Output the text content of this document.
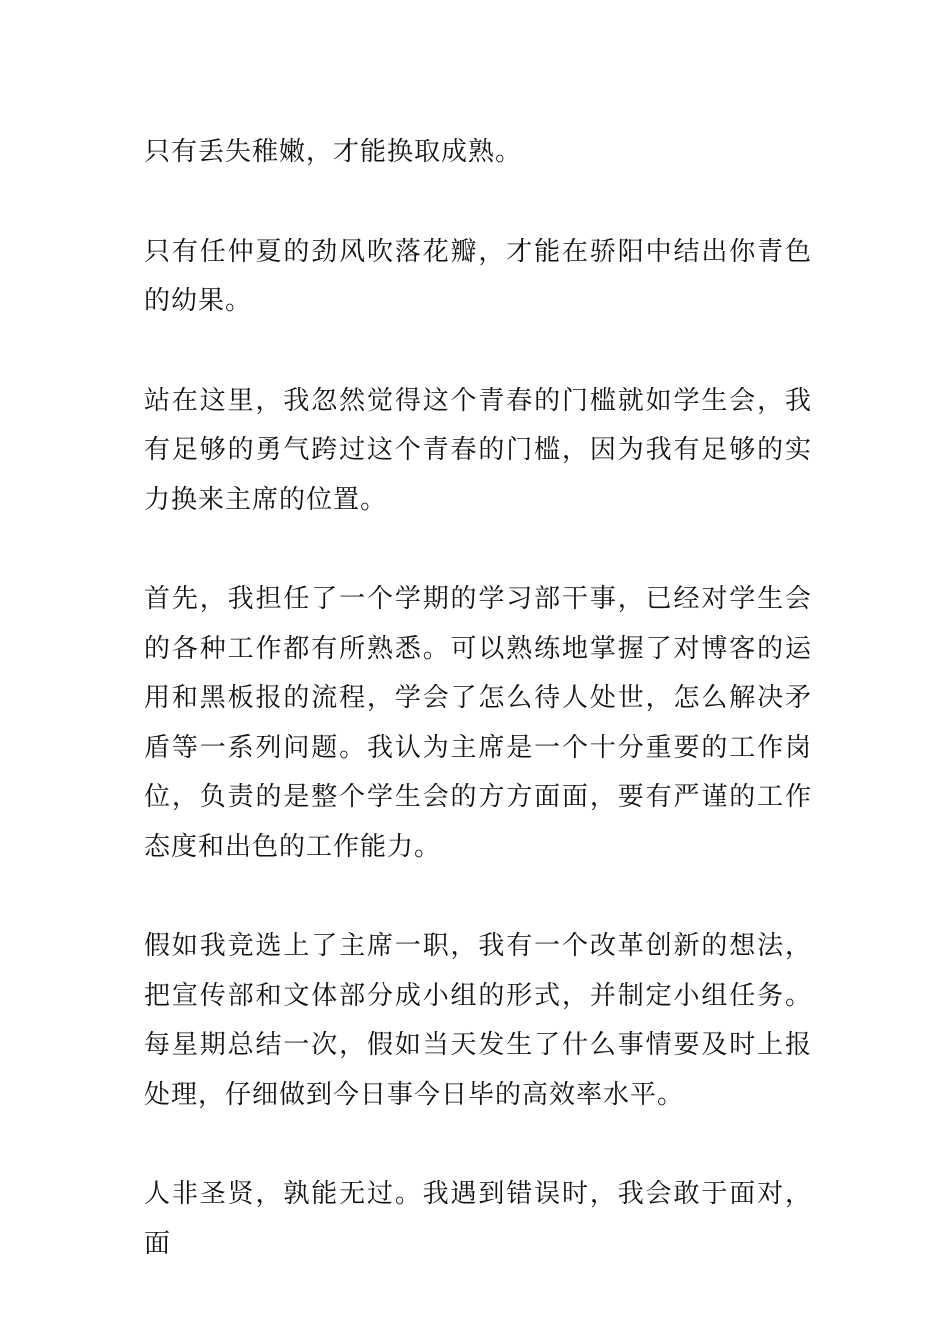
只有丢失稚嫩，才能换取成熟。

只有任仲夏的劲风吹落花瓣，才能在骄阳中结出你青色的幼果。

站在这里，我忽然觉得这个青春的门槛就如学生会，我有足够的勇气跨过这个青春的门槛，因为我有足够的实力换来主席的位置。

首先，我担任了一个学期的学习部干事，已经对学生会的各种工作都有所熟悉。可以熟练地掌握了对博客的运用和黑板报的流程，学会了怎么待人处世，怎么解决矛盾等一系列问题。我认为主席是一个十分重要的工作岗位，负责的是整个学生会的方方面面，要有严谨的工作态度和出色的工作能力。

假如我竞选上了主席一职，我有一个改革创新的想法，把宣传部和文体部分成小组的形式，并制定小组任务。每星期总结一次，假如当天发生了什么事情要及时上报处理，仔细做到今日事今日毕的高效率水平。

人非圣贤，孰能无过。我遇到错误时，我会敢于面对，面
